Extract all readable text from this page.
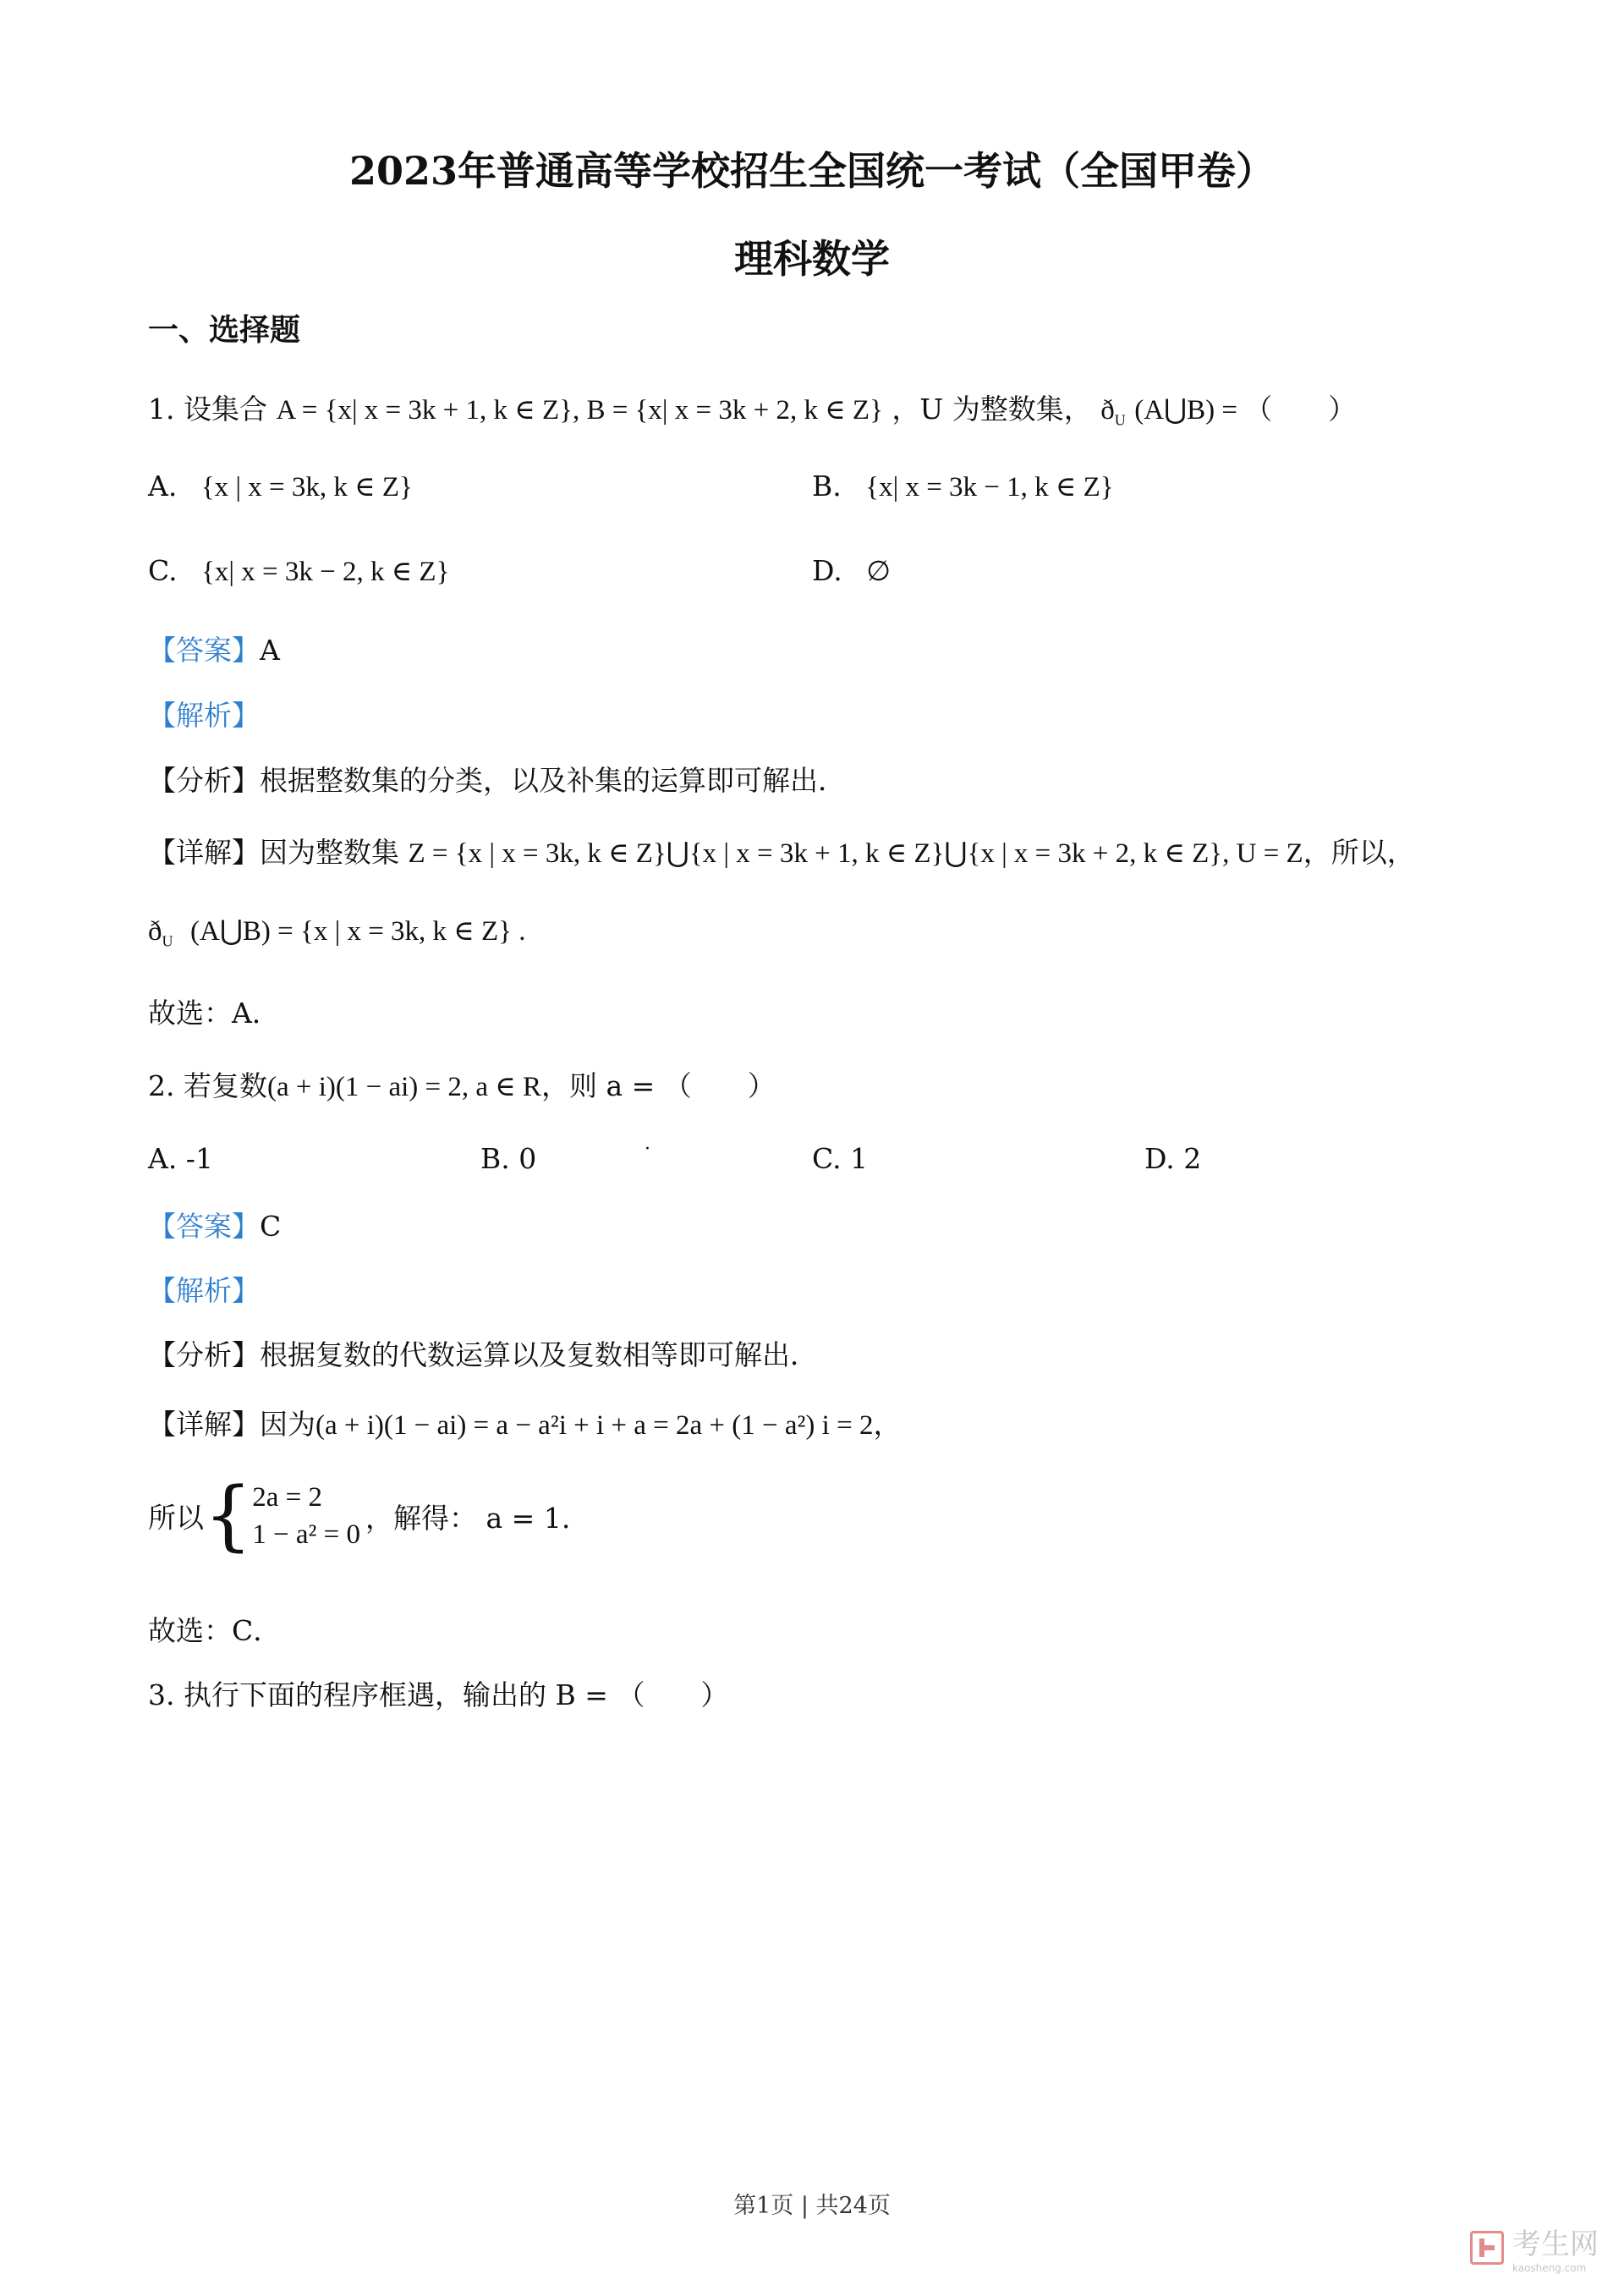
2023年普通高等学校招生全国统一考试（全国甲卷）
理科数学
一、选择题
1. 设集合 A = {x| x = 3k + 1, k ∈ Z}, B = {x| x = 3k + 2, k ∈ Z} ，U 为整数集， $ð_U$ (A⋃B) = （　　）
A. {x | x = 3k, k ∈ Z}	B. {x| x = 3k − 1, k ∈ Z}
C. {x| x = 3k − 2, k ∈ Z}	D. ∅
【答案】A
【解析】
【分析】根据整数集的分类，以及补集的运算即可解出．
【详解】因为整数集 Z = {x | x = 3k, k ∈ Z}⋃{x | x = 3k + 1, k ∈ Z}⋃{x | x = 3k + 2, k ∈ Z}, U = Z，所以，
$ð_U$ (A⋃B) = {x | x = 3k, k ∈ Z} .
故选：A．
2. 若复数(a + i)(1 − ai) = 2, a ∈ R，则 a = （　　）
A. -1	B. 0	·	C. 1	D. 2
【答案】C
【解析】
【分析】根据复数的代数运算以及复数相等即可解出．
【详解】因为(a + i)(1 − ai) = a − a²i + i + a = 2a + (1 − a²) i = 2，
所以{ 2a = 2
1 − a² = 0
，解得： a = 1.
故选：C．
3. 执行下面的程序框遇，输出的 B = （　　）
第1页 | 共24页
考生网
kaosheng.com
